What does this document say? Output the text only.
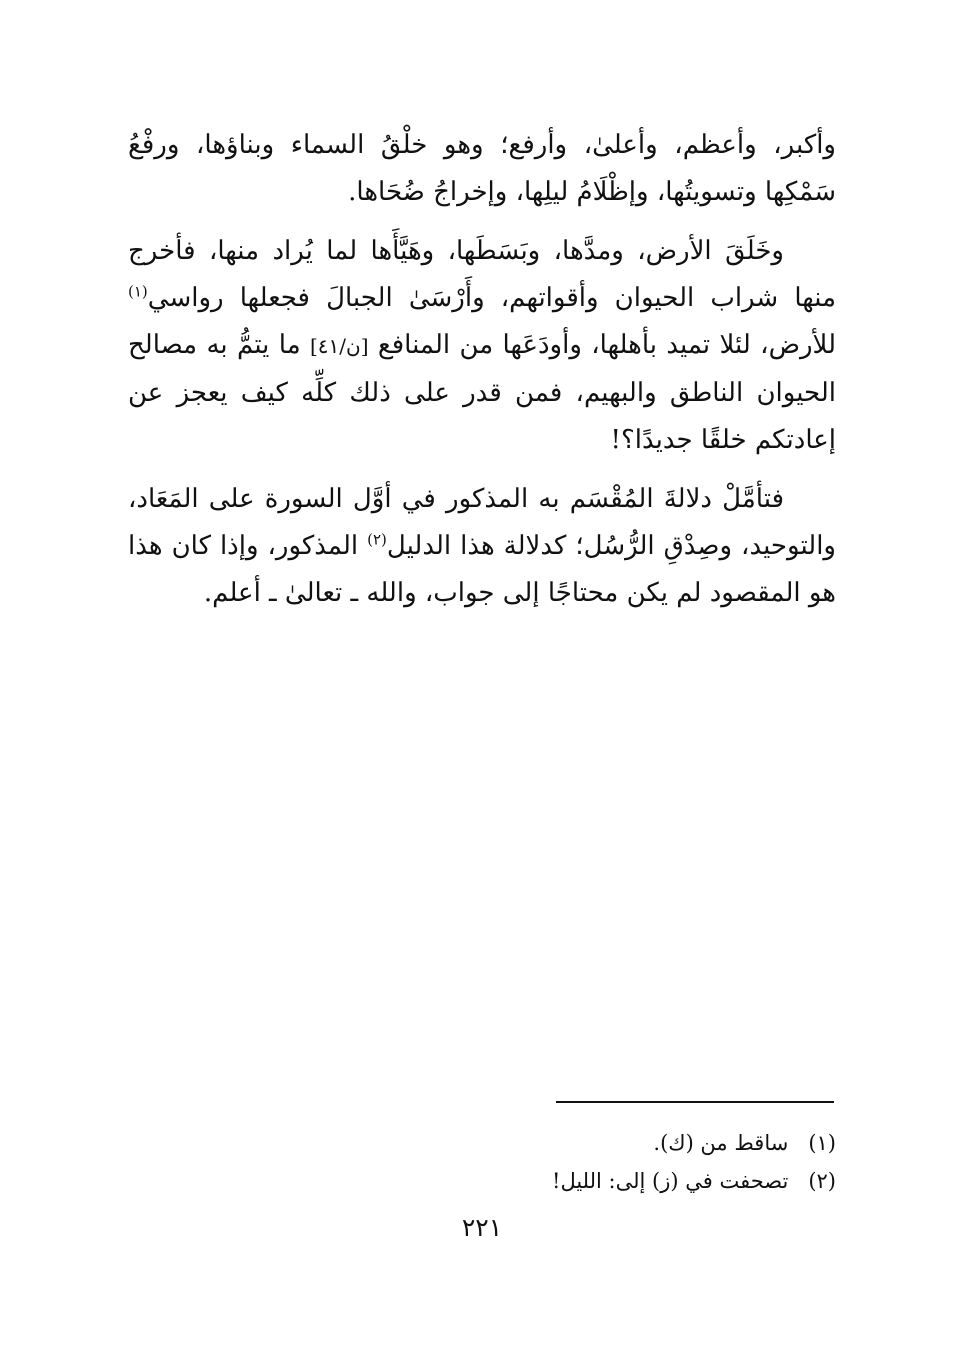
وأكبر، وأعظم، وأعلىٰ، وأرفع؛ وهو خلْقُ السماء وبناؤها، ورفْعُ سَمْكِها وتسويتُها، وإظْلَامُ ليلِها، وإخراجُ ضُحَاها.

وخَلَقَ الأرض، ومدَّها، وبَسَطَها، وهَيَّأَها لما يُراد منها، فأخرج منها شراب الحيوان وأقواتهم، وأَرْسَىٰ الجبالَ فجعلها رواسي$^{(١)}$ للأرض، لئلا تميد بأهلها، وأودَعَها من المنافع [ن/٤١] ما يتمُّ به مصالح الحيوان الناطق والبهيم، فمن قدر على ذلك كلِّه كيف يعجز عن إعادتكم خلقًا جديدًا؟!

فتأمَّلْ دلالةَ المُقْسَم به المذكور في أوَّل السورة على المَعَاد، والتوحيد، وصِدْقِ الرُّسُل؛ كدلالة هذا الدليل$^{(٢)}$ المذكور، وإذا كان هذا هو المقصود لم يكن محتاجًا إلى جواب، والله ـ تعالىٰ ـ أعلم.

(١)ساقط من (ك).

(٢)تصحفت في (ز) إلى: الليل!

٢٢١
